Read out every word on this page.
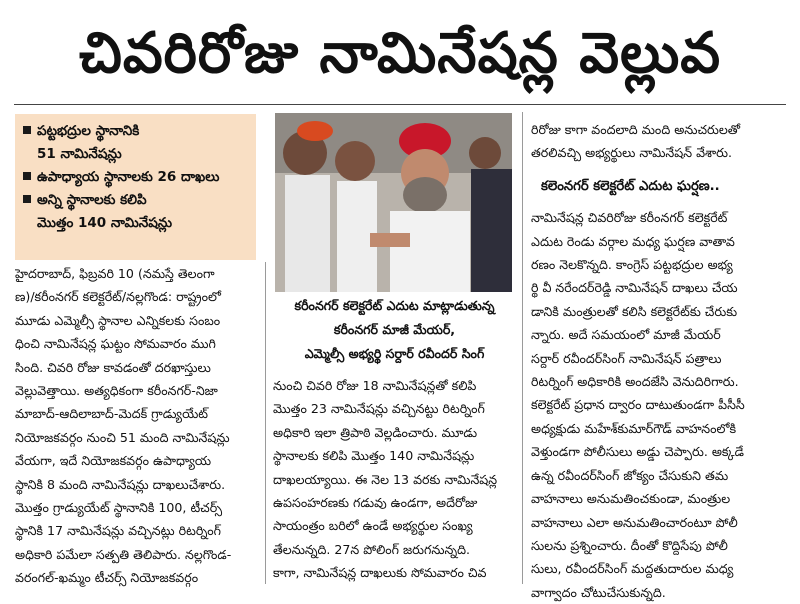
చివరిరోజు నామినేషన్ల వెల్లువ
పట్టభద్రుల స్థానానికి
51 నామినేషన్లు
ఉపాధ్యాయ స్థానాలకు 26 దాఖలు
అన్ని స్థానాలకు కలిపి
మొత్తం 140 నామినేషన్లు
హైదరాబాద్, ఫిబ్రవరి 10 (నమస్తే తెలంగా
ణ)/కరీంనగర్ కలెక్టరేట్/నల్లగొండ: రాష్ట్రంలో
మూడు ఎమ్మెల్సీ స్థానాల ఎన్నికలకు సంబం
ధించి నామినేషన్ల ఘట్టం సోమవారం ముగి
సింది. చివరి రోజు కావడంతో దరఖాస్తులు
వెల్లువెత్తాయి. అత్యధికంగా కరీంనగర్-నిజా
మాబాద్-ఆదిలాబాద్-మెదక్ గ్రాడ్యుయేట్
నియోజకవర్గం నుంచి 51 మంది నామినేషన్లు
వేయగా, ఇదే నియోజకవర్గం ఉపాధ్యాయ
స్థానికి 8 మంది నామినేషన్లు దాఖలుచేశారు.
మొత్తం గ్రాడ్యుయేట్ స్థానానికి 100, టీచర్స్
స్థానికి 17 నామినేషన్లు వచ్చినట్లు రిటర్నింగ్
అధికారి పమేలా సత్పతి తెలిపారు. నల్లగొండ-
వరంగల్-ఖమ్మం టీచర్స్ నియోజకవర్గం
కరీంనగర్ కలెక్టరేట్ ఎదుట మాట్లాడుతున్న
కరీంనగర్ మాజీ మేయర్,
ఎమ్మెల్సీ అభ్యర్థి సర్దార్ రవీందర్ సింగ్
నుంచి చివరి రోజు 18 నామినేషన్లతో కలిపి
మొత్తం 23 నామినేషన్లు వచ్చినట్టు రిటర్నింగ్
అధికారి ఇలా త్రిపాఠి వెల్లడించారు. మూడు
స్థానాలకు కలిపి మొత్తం 140 నామినేషన్లు
దాఖలయ్యాయి. ఈ నెల 13 వరకు నామినేషన్ల
ఉపసంహరణకు గడువు ఉండగా, అదేరోజు
సాయంత్రం బరిలో ఉండే అభ్యర్థుల సంఖ్య
తేలనున్నది. 27న పోలింగ్ జరుగనున్నది.
కాగా, నామినేషన్ల దాఖలుకు సోమవారం చివ
రిరోజు కాగా వందలాది మంది అనుచరులతో
తరలివచ్చి అభ్యర్థులు నామినేషన్ వేశారు.
కలెంనగర్ కలెక్టరేట్ ఎదుట ఘర్షణ..
నామినేషన్ల చివరిరోజు కరీంనగర్ కలెక్టరేట్
ఎదుట రెండు వర్గాల మధ్య ఘర్షణ వాతావ
రణం నెలకొన్నది. కాంగ్రెస్ పట్టభద్రుల అభ్య
ర్థి వీ నరేందర్‌రెడ్డి నామినేషన్ దాఖలు చేయ
డానికి మంత్రులతో కలిసి కలెక్టరేట్‌కు చేరుకు
న్నారు. అదే సమయంలో మాజీ మేయర్
సర్దార్ రవీందర్‌సింగ్ నామినేషన్ పత్రాలు
రిటర్నింగ్ అధికారికి అందజేసి వెనుదిరిగారు.
కలెక్టరేట్ ప్రధాన ద్వారం దాటుతుండగా పీసీసీ
అధ్యక్షుడు మహేశ్‌కుమార్‌గౌడ్ వాహనంలోకి
వెళ్తుండగా పోలీసులు అడ్డు చెప్పారు. అక్కడే
ఉన్న రవీందర్‌సింగ్ జోక్యం చేసుకుని తమ
వాహనాలు అనుమతించకుండా, మంత్రుల
వాహనాలు ఎలా అనుమతించారంటూ పోలీ
సులను ప్రశ్నించారు. దీంతో కొద్దిసేపు పోలీ
సులు, రవీందర్‌సింగ్ మద్దతుదారుల మధ్య
వాగ్వాదం చోటుచేసుకున్నది.
